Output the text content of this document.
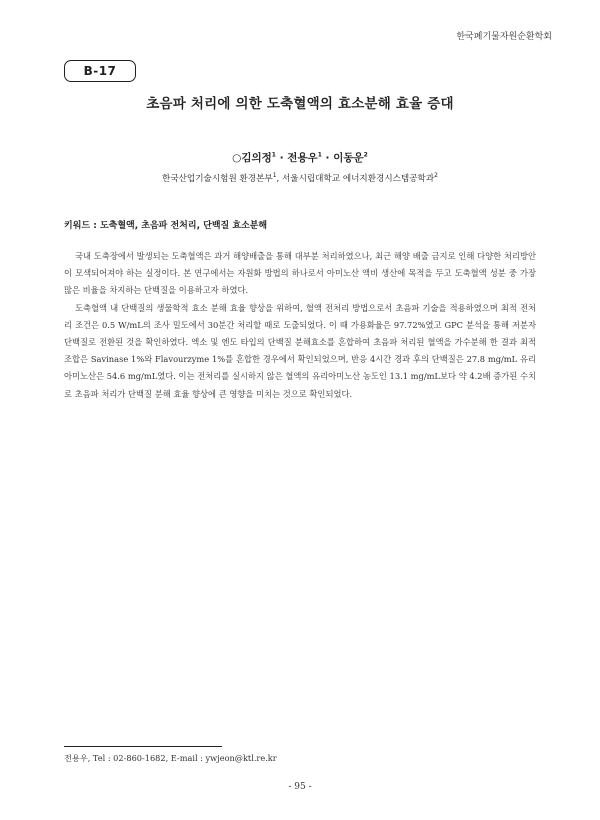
한국폐기물자원순환학회
B-17
초음파 처리에 의한 도축혈액의 효소분해 효율 증대
○김의정$^1$ · 전용우$^1$ · 이동운$^2$
한국산업기술시험원 환경본부$^1$, 서울시립대학교 에너지환경시스템공학과$^2$
키워드 : 도축혈액, 초음파 전처리, 단백질 효소분해

국내 도축장에서 발생되는 도축혈액은 과거 해양배출을 통해 대부분 처리하였으나, 최근 해양 배출 금지로 인해 다양한 처리방안이 모색되어져야 하는 실정이다. 본 연구에서는 자원화 방법의 하나로서 아미노산 액비 생산에 목적을 두고 도축혈액 성분 중 가장 많은 비율을 차지하는 단백질을 이용하고자 하였다.

도축혈액 내 단백질의 생물학적 효소 분해 효율 향상을 위하여, 혈액 전처리 방법으로서 초음파 기술을 적용하였으며 최적 전처리 조건은 0.5 W/mL의 조사 밀도에서 30분간 처리할 때로 도출되었다. 이 때 가용화율은 97.72%였고 GPC 분석을 통해 저분자 단백질로 전환된 것을 확인하였다. 엑소 및 엔도 타입의 단백질 분해효소를 혼합하여 초음파 처리된 혈액을 가수분해 한 결과 최적 조합은 Savinase 1%와 Flavourzyme 1%를 혼합한 경우에서 확인되었으며, 반응 4시간 경과 후의 단백질은 27.8 mg/mL 유리아미노산은 54.6 mg/mL였다. 이는 전처리를 실시하지 않은 혈액의 유리아미노산 농도인 13.1 mg/mL보다 약 4.2배 증가된 수치로 초음파 처리가 단백질 분해 효율 향상에 큰 영향을 미치는 것으로 확인되었다.

전용우, Tel : 02-860-1682, E-mail : ywjeon@ktl.re.kr
- 95 -
